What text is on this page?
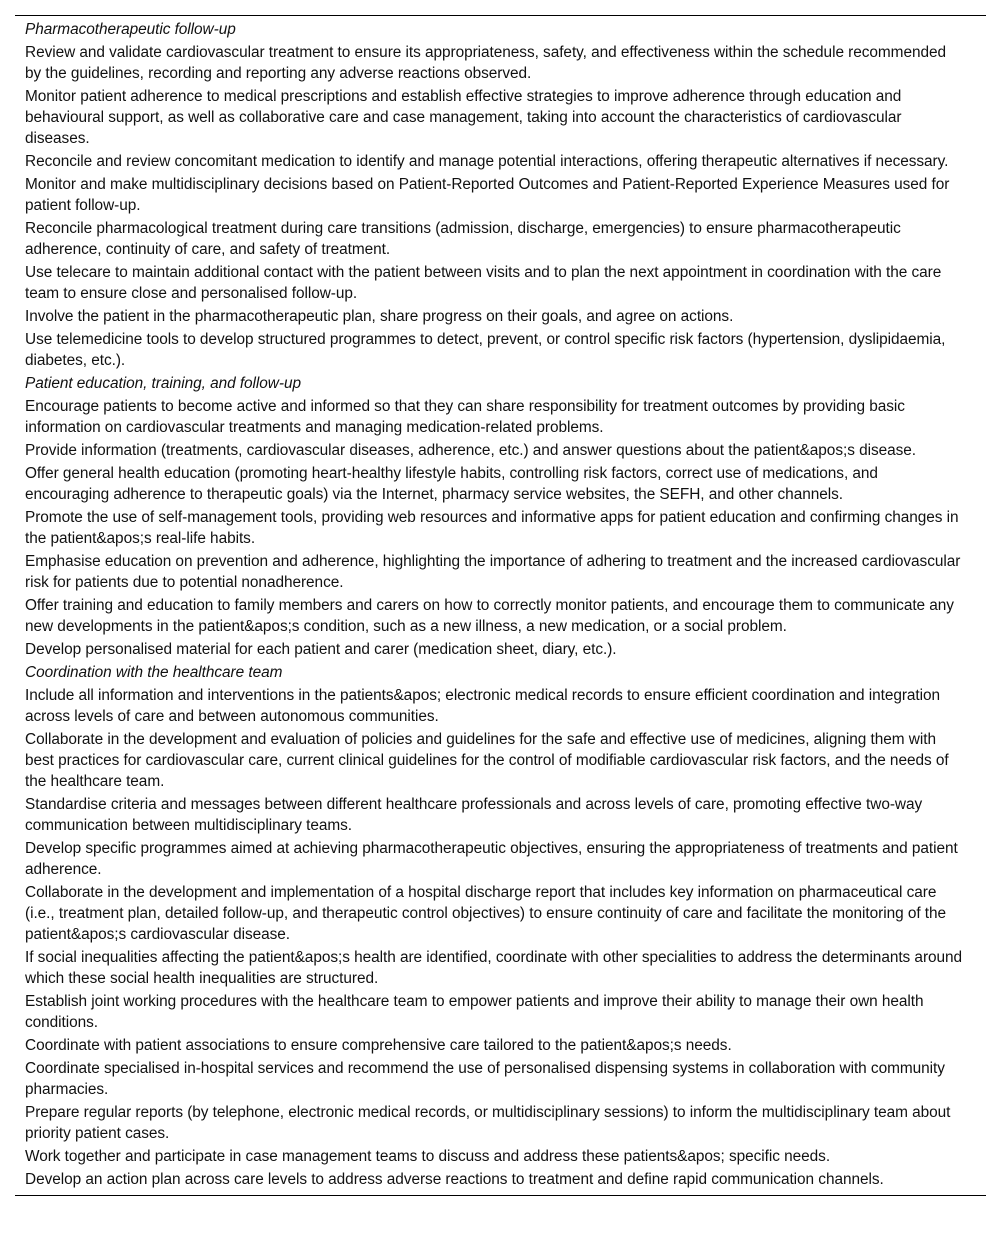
Pharmacotherapeutic follow-up
Review and validate cardiovascular treatment to ensure its appropriateness, safety, and effectiveness within the schedule recommended by the guidelines, recording and reporting any adverse reactions observed.
Monitor patient adherence to medical prescriptions and establish effective strategies to improve adherence through education and behavioural support, as well as collaborative care and case management, taking into account the characteristics of cardiovascular diseases.
Reconcile and review concomitant medication to identify and manage potential interactions, offering therapeutic alternatives if necessary.
Monitor and make multidisciplinary decisions based on Patient-Reported Outcomes and Patient-Reported Experience Measures used for patient follow-up.
Reconcile pharmacological treatment during care transitions (admission, discharge, emergencies) to ensure pharmacotherapeutic adherence, continuity of care, and safety of treatment.
Use telecare to maintain additional contact with the patient between visits and to plan the next appointment in coordination with the care team to ensure close and personalised follow-up.
Involve the patient in the pharmacotherapeutic plan, share progress on their goals, and agree on actions.
Use telemedicine tools to develop structured programmes to detect, prevent, or control specific risk factors (hypertension, dyslipidaemia, diabetes, etc.).
Patient education, training, and follow-up
Encourage patients to become active and informed so that they can share responsibility for treatment outcomes by providing basic information on cardiovascular treatments and managing medication-related problems.
Provide information (treatments, cardiovascular diseases, adherence, etc.) and answer questions about the patient&apos;s disease.
Offer general health education (promoting heart-healthy lifestyle habits, controlling risk factors, correct use of medications, and encouraging adherence to therapeutic goals) via the Internet, pharmacy service websites, the SEFH, and other channels.
Promote the use of self-management tools, providing web resources and informative apps for patient education and confirming changes in the patient&apos;s real-life habits.
Emphasise education on prevention and adherence, highlighting the importance of adhering to treatment and the increased cardiovascular risk for patients due to potential nonadherence.
Offer training and education to family members and carers on how to correctly monitor patients, and encourage them to communicate any new developments in the patient&apos;s condition, such as a new illness, a new medication, or a social problem.
Develop personalised material for each patient and carer (medication sheet, diary, etc.).
Coordination with the healthcare team
Include all information and interventions in the patients&apos; electronic medical records to ensure efficient coordination and integration across levels of care and between autonomous communities.
Collaborate in the development and evaluation of policies and guidelines for the safe and effective use of medicines, aligning them with best practices for cardiovascular care, current clinical guidelines for the control of modifiable cardiovascular risk factors, and the needs of the healthcare team.
Standardise criteria and messages between different healthcare professionals and across levels of care, promoting effective two-way communication between multidisciplinary teams.
Develop specific programmes aimed at achieving pharmacotherapeutic objectives, ensuring the appropriateness of treatments and patient adherence.
Collaborate in the development and implementation of a hospital discharge report that includes key information on pharmaceutical care (i.e., treatment plan, detailed follow-up, and therapeutic control objectives) to ensure continuity of care and facilitate the monitoring of the patient&apos;s cardiovascular disease.
If social inequalities affecting the patient&apos;s health are identified, coordinate with other specialities to address the determinants around which these social health inequalities are structured.
Establish joint working procedures with the healthcare team to empower patients and improve their ability to manage their own health conditions.
Coordinate with patient associations to ensure comprehensive care tailored to the patient&apos;s needs.
Coordinate specialised in-hospital services and recommend the use of personalised dispensing systems in collaboration with community pharmacies.
Prepare regular reports (by telephone, electronic medical records, or multidisciplinary sessions) to inform the multidisciplinary team about priority patient cases.
Work together and participate in case management teams to discuss and address these patients&apos; specific needs.
Develop an action plan across care levels to address adverse reactions to treatment and define rapid communication channels.
